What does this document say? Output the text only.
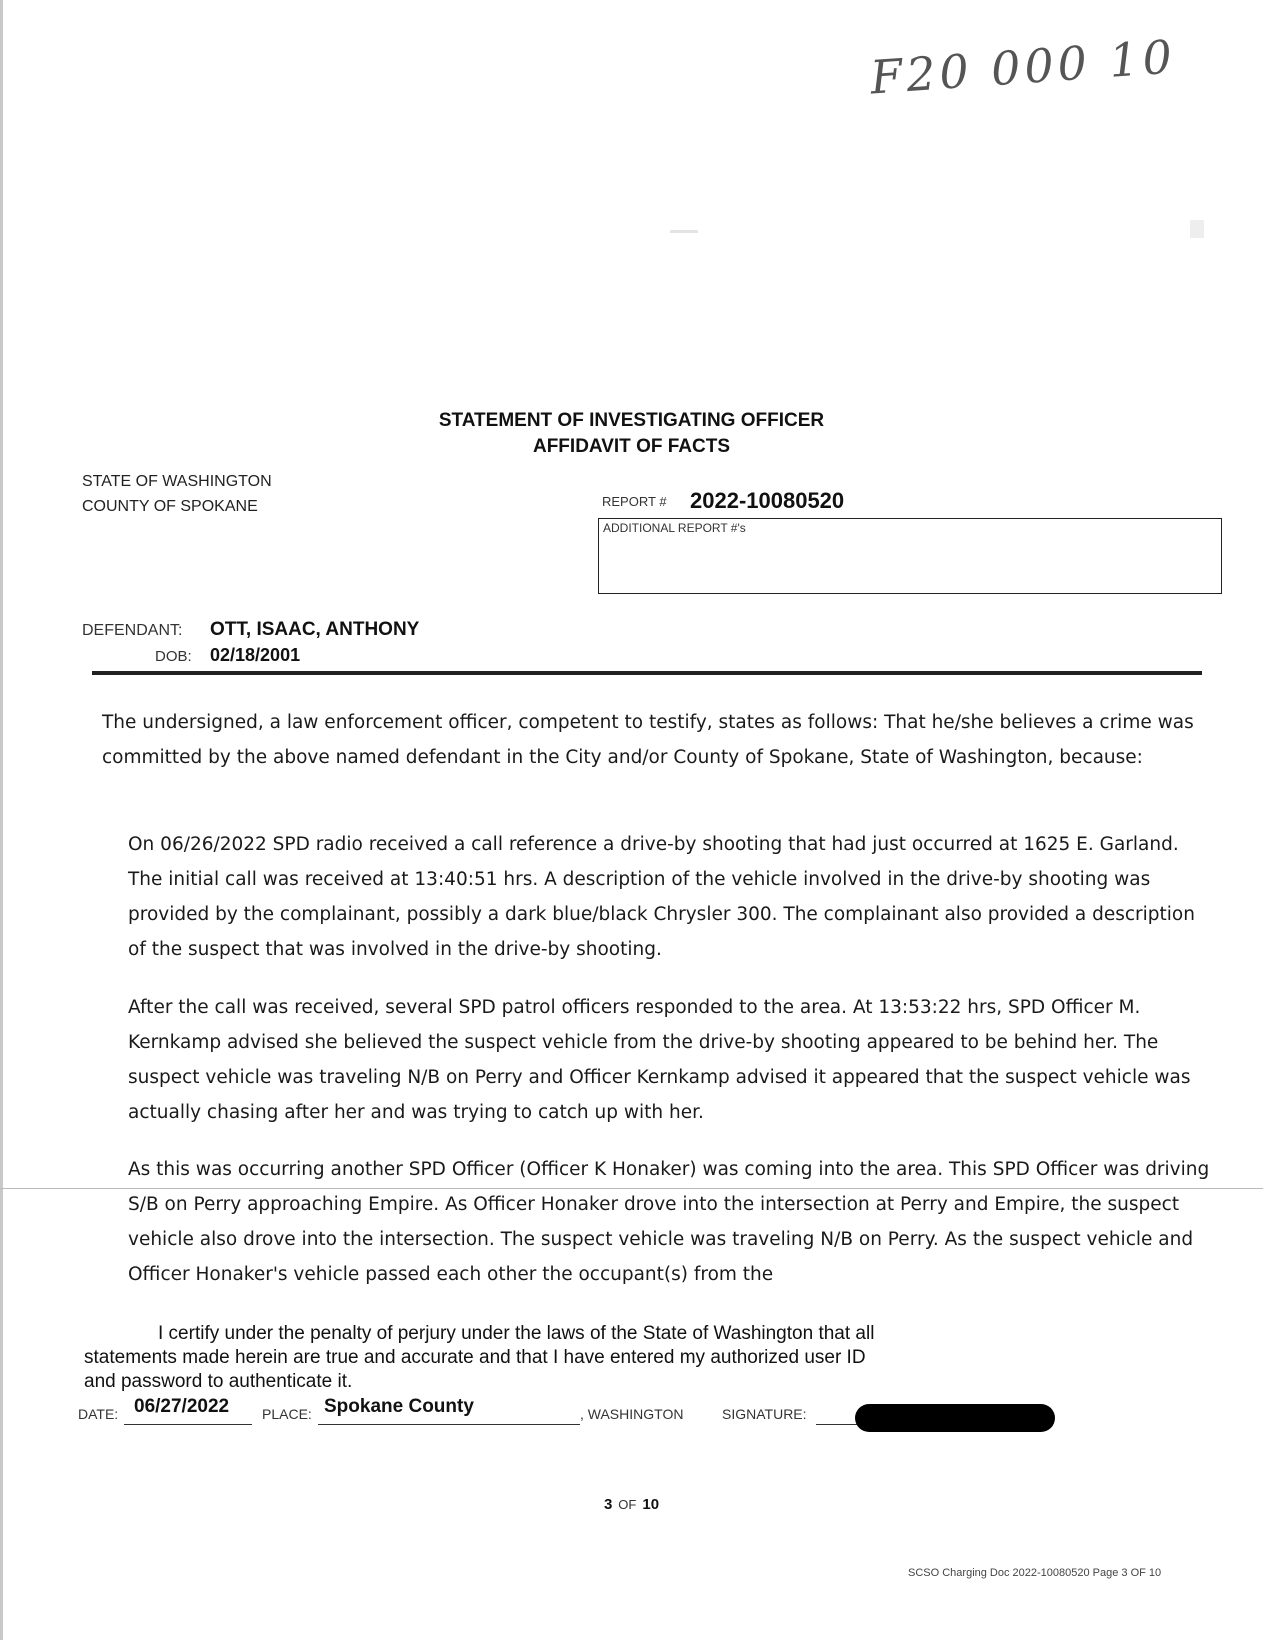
F20 000 10
STATEMENT OF INVESTIGATING OFFICER
AFFIDAVIT OF FACTS
STATE OF WASHINGTON
COUNTY OF SPOKANE	REPORT # 2022-10080520
ADDITIONAL REPORT #'s
DEFENDANT: OTT, ISAAC, ANTHONY
DOB: 02/18/2001
The undersigned, a law enforcement officer, competent to testify, states as follows: That he/she believes a crime was committed by the above named defendant in the City and/or County of Spokane, State of Washington, because:
On 06/26/2022 SPD radio received a call reference a drive-by shooting that had just occurred at 1625 E. Garland. The initial call was received at 13:40:51 hrs. A description of the vehicle involved in the drive-by shooting was provided by the complainant, possibly a dark blue/black Chrysler 300. The complainant also provided a description of the suspect that was involved in the drive-by shooting.
After the call was received, several SPD patrol officers responded to the area. At 13:53:22 hrs, SPD Officer M. Kernkamp advised she believed the suspect vehicle from the drive-by shooting appeared to be behind her. The suspect vehicle was traveling N/B on Perry and Officer Kernkamp advised it appeared that the suspect vehicle was actually chasing after her and was trying to catch up with her.
As this was occurring another SPD Officer (Officer K Honaker) was coming into the area. This SPD Officer was driving S/B on Perry approaching Empire. As Officer Honaker drove into the intersection at Perry and Empire, the suspect vehicle also drove into the intersection. The suspect vehicle was traveling N/B on Perry. As the suspect vehicle and Officer Honaker's vehicle passed each other the occupant(s) from the
I certify under the penalty of perjury under the laws of the State of Washington that all
statements made herein are true and accurate and that I have entered my authorized user ID
and password to authenticate it.
DATE: 06/27/2022	PLACE: Spokane County	, WASHINGTON	SIGNATURE:
3 OF 10
SCSO Charging Doc 2022-10080520 Page 3 OF 10
